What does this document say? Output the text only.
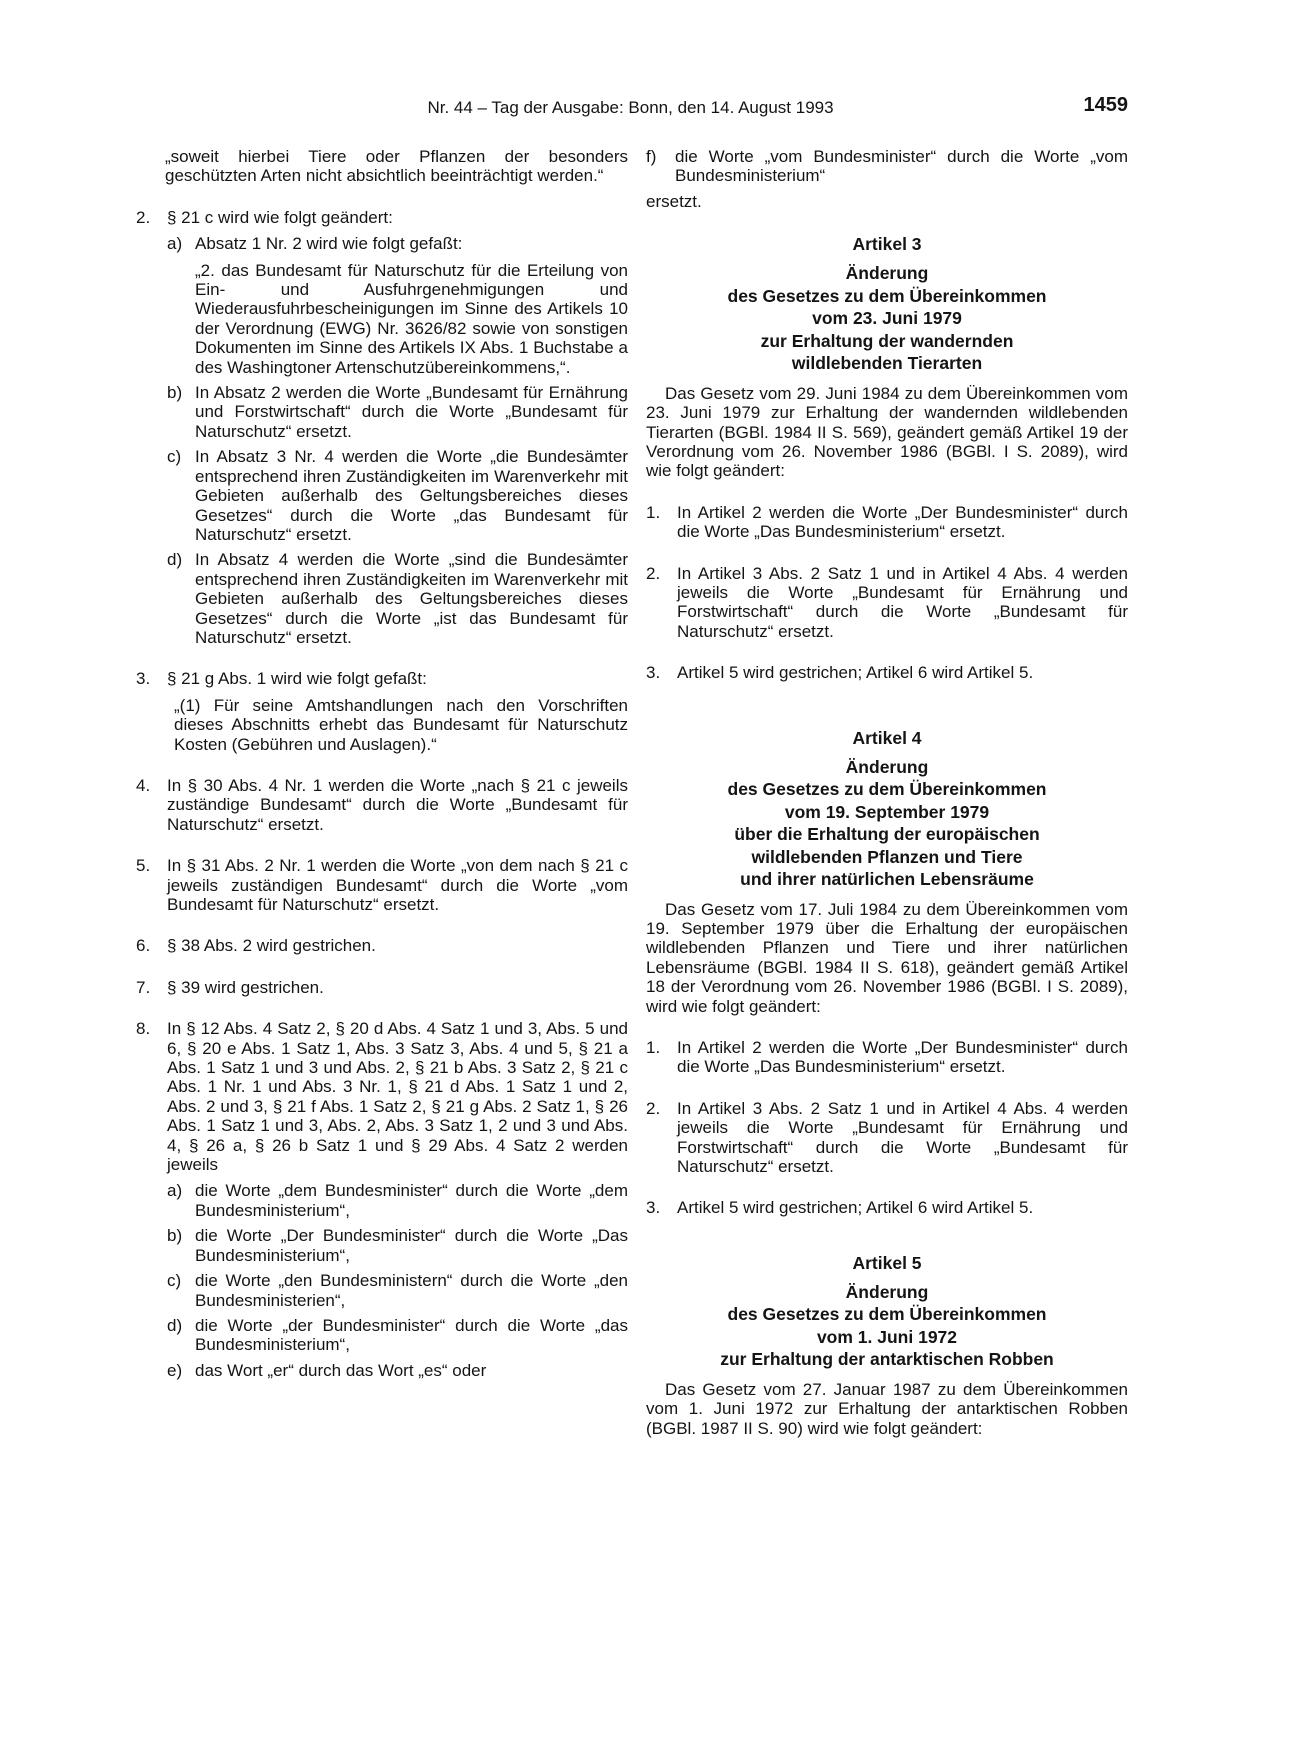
Nr. 44 – Tag der Ausgabe: Bonn, den 14. August 1993	1459

„soweit hierbei Tiere oder Pflanzen der besonders geschützten Arten nicht absichtlich beeinträchtigt werden.“

2. § 21 c wird wie folgt geändert:
a) Absatz 1 Nr. 2 wird wie folgt gefaßt:
„2. das Bundesamt für Naturschutz für die Erteilung von Ein- und Ausfuhrgenehmigungen und Wiederausfuhrbescheinigungen im Sinne des Artikels 10 der Verordnung (EWG) Nr. 3626/82 sowie von sonstigen Dokumenten im Sinne des Artikels IX Abs. 1 Buchstabe a des Washingtoner Artenschutzübereinkommens,“.
b) In Absatz 2 werden die Worte „Bundesamt für Ernährung und Forstwirtschaft“ durch die Worte „Bundesamt für Naturschutz“ ersetzt.
c) In Absatz 3 Nr. 4 werden die Worte „die Bundesämter entsprechend ihren Zuständigkeiten im Warenverkehr mit Gebieten außerhalb des Geltungsbereiches dieses Gesetzes“ durch die Worte „das Bundesamt für Naturschutz“ ersetzt.
d) In Absatz 4 werden die Worte „sind die Bundesämter entsprechend ihren Zuständigkeiten im Warenverkehr mit Gebieten außerhalb des Geltungsbereiches dieses Gesetzes“ durch die Worte „ist das Bundesamt für Naturschutz“ ersetzt.
3. § 21 g Abs. 1 wird wie folgt gefaßt:
„(1) Für seine Amtshandlungen nach den Vorschriften dieses Abschnitts erhebt das Bundesamt für Naturschutz Kosten (Gebühren und Auslagen).“
4. In § 30 Abs. 4 Nr. 1 werden die Worte „nach § 21 c jeweils zuständige Bundesamt“ durch die Worte „Bundesamt für Naturschutz“ ersetzt.
5. In § 31 Abs. 2 Nr. 1 werden die Worte „von dem nach § 21 c jeweils zuständigen Bundesamt“ durch die Worte „vom Bundesamt für Naturschutz“ ersetzt.
6. § 38 Abs. 2 wird gestrichen.
7. § 39 wird gestrichen.
8. In § 12 Abs. 4 Satz 2, § 20 d Abs. 4 Satz 1 und 3, Abs. 5 und 6, § 20 e Abs. 1 Satz 1, Abs. 3 Satz 3, Abs. 4 und 5, § 21 a Abs. 1 Satz 1 und 3 und Abs. 2, § 21 b Abs. 3 Satz 2, § 21 c Abs. 1 Nr. 1 und Abs. 3 Nr. 1, § 21 d Abs. 1 Satz 1 und 2, Abs. 2 und 3, § 21 f Abs. 1 Satz 2, § 21 g Abs. 2 Satz 1, § 26 Abs. 1 Satz 1 und 3, Abs. 2, Abs. 3 Satz 1, 2 und 3 und Abs. 4, § 26 a, § 26 b Satz 1 und § 29 Abs. 4 Satz 2 werden jeweils
a) die Worte „dem Bundesminister“ durch die Worte „dem Bundesministerium“,
b) die Worte „Der Bundesminister“ durch die Worte „Das Bundesministerium“,
c) die Worte „den Bundesministern“ durch die Worte „den Bundesministerien“,
d) die Worte „der Bundesminister“ durch die Worte „das Bundesministerium“,
e) das Wort „er“ durch das Wort „es“ oder
f) die Worte „vom Bundesminister“ durch die Worte „vom Bundesministerium“

ersetzt.

Artikel 3

Änderung

des Gesetzes zu dem Übereinkommen

vom 23. Juni 1979

zur Erhaltung der wandernden

wildlebenden Tierarten

Das Gesetz vom 29. Juni 1984 zu dem Übereinkommen vom 23. Juni 1979 zur Erhaltung der wandernden wildlebenden Tierarten (BGBl. 1984 II S. 569), geändert gemäß Artikel 19 der Verordnung vom 26. November 1986 (BGBl. I S. 2089), wird wie folgt geändert:

1. In Artikel 2 werden die Worte „Der Bundesminister“ durch die Worte „Das Bundesministerium“ ersetzt.
2. In Artikel 3 Abs. 2 Satz 1 und in Artikel 4 Abs. 4 werden jeweils die Worte „Bundesamt für Ernährung und Forstwirtschaft“ durch die Worte „Bundesamt für Naturschutz“ ersetzt.
3. Artikel 5 wird gestrichen; Artikel 6 wird Artikel 5.

Artikel 4

Änderung

des Gesetzes zu dem Übereinkommen

vom 19. September 1979

über die Erhaltung der europäischen

wildlebenden Pflanzen und Tiere

und ihrer natürlichen Lebensräume

Das Gesetz vom 17. Juli 1984 zu dem Übereinkommen vom 19. September 1979 über die Erhaltung der europäischen wildlebenden Pflanzen und Tiere und ihrer natürlichen Lebensräume (BGBl. 1984 II S. 618), geändert gemäß Artikel 18 der Verordnung vom 26. November 1986 (BGBl. I S. 2089), wird wie folgt geändert:

1. In Artikel 2 werden die Worte „Der Bundesminister“ durch die Worte „Das Bundesministerium“ ersetzt.
2. In Artikel 3 Abs. 2 Satz 1 und in Artikel 4 Abs. 4 werden jeweils die Worte „Bundesamt für Ernährung und Forstwirtschaft“ durch die Worte „Bundesamt für Naturschutz“ ersetzt.
3. Artikel 5 wird gestrichen; Artikel 6 wird Artikel 5.

Artikel 5

Änderung

des Gesetzes zu dem Übereinkommen

vom 1. Juni 1972

zur Erhaltung der antarktischen Robben

Das Gesetz vom 27. Januar 1987 zu dem Übereinkommen vom 1. Juni 1972 zur Erhaltung der antarktischen Robben (BGBl. 1987 II S. 90) wird wie folgt geändert:
